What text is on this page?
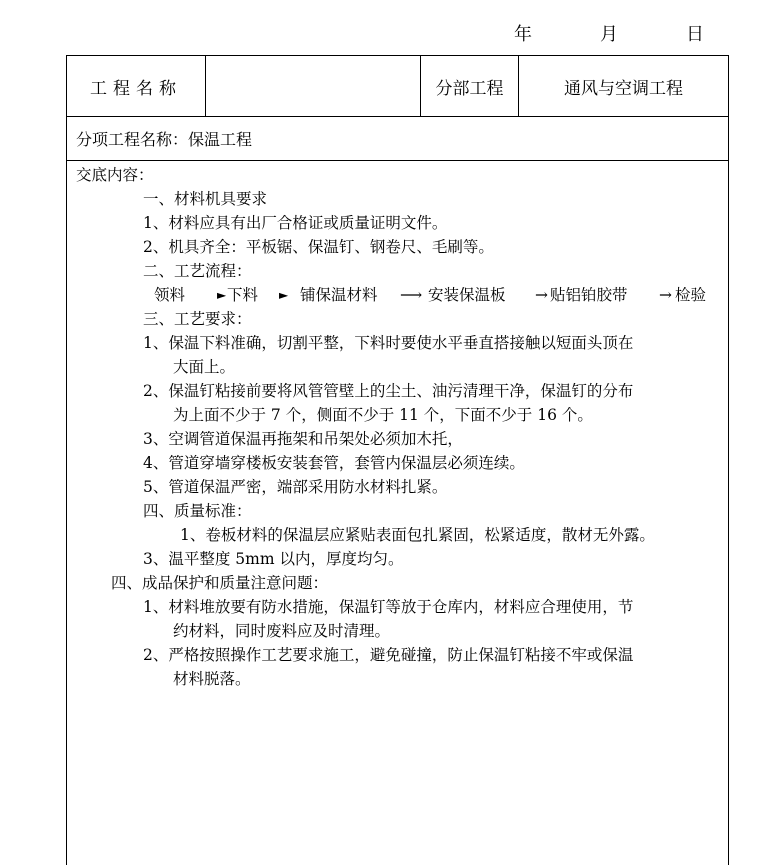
年	月	日
工程名称	分部工程	通风与空调工程
分项工程名称：保温工程
交底内容：
一、材料机具要求
1、材料应具有出厂合格证或质量证明文件。
2、机具齐全：平板锯、保温钉、钢卷尺、毛刷等。
二、工艺流程：
领料	► 下料 ► 铺保温材料 ⟶ 安装保温板 → 贴铝铂胶带 → 检验
三、工艺要求：
1、保温下料准确，切割平整，下料时要使水平垂直搭接触以短面头顶在
大面上。
2、保温钉粘接前要将风管管壁上的尘土、油污清理干净，保温钉的分布
为上面不少于 7 个，侧面不少于 11 个，下面不少于 16 个。
3、空调管道保温再拖架和吊架处必须加木托，
4、管道穿墙穿楼板安装套管，套管内保温层必须连续。
5、管道保温严密，端部采用防水材料扎紧。
四、质量标准：
1、卷板材料的保温层应紧贴表面包扎紧固，松紧适度，散材无外露。
3、温平整度 5mm 以内，厚度均匀。
四、成品保护和质量注意问题：
1、材料堆放要有防水措施，保温钉等放于仓库内，材料应合理使用，节
约材料，同时废料应及时清理。
2、严格按照操作工艺要求施工，避免碰撞，防止保温钉粘接不牢或保温
材料脱落。
